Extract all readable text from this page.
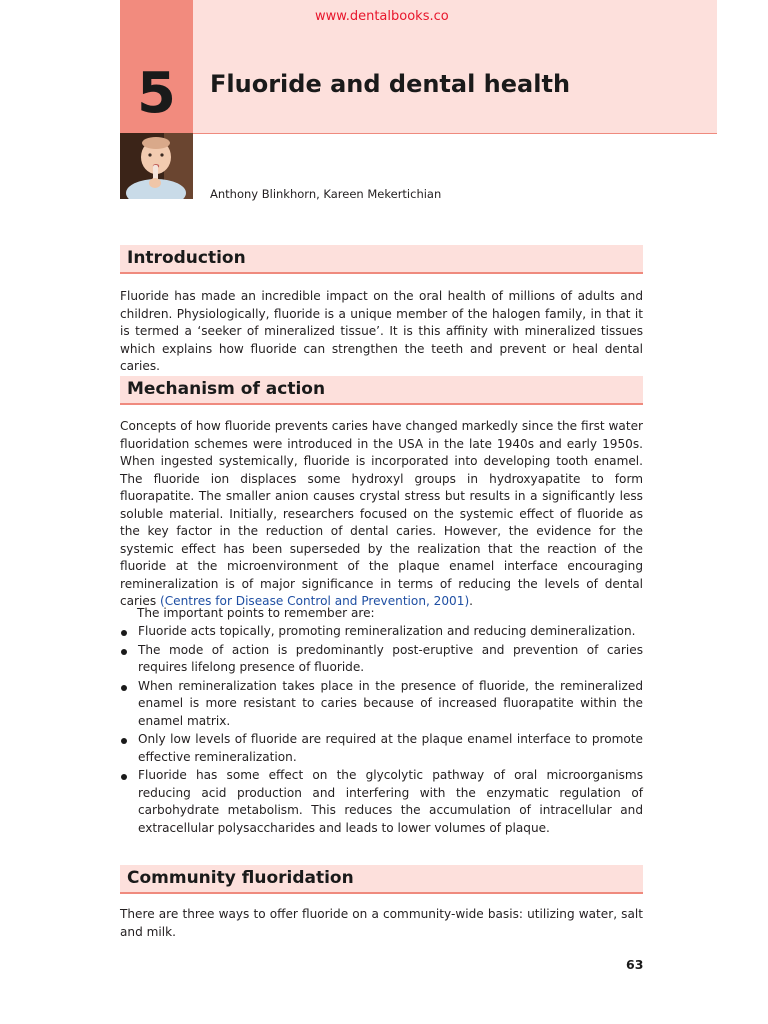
5
www.dentalbooks.co
Fluoride and dental health
Anthony Blinkhorn, Kareen Mekertichian
Introduction
Fluoride has made an incredible impact on the oral health of millions of adults and children. Physiologically, fluoride is a unique member of the halogen family, in that it is termed a ‘seeker of mineralized tissue’. It is this affinity with mineralized tissues which explains how fluoride can strengthen the teeth and prevent or heal dental caries.
Mechanism of action
Concepts of how fluoride prevents caries have changed markedly since the first water fluoridation schemes were introduced in the USA in the late 1940s and early 1950s. When ingested systemically, fluoride is incorporated into developing tooth enamel. The fluoride ion displaces some hydroxyl groups in hydroxyapatite to form fluorapatite. The smaller anion causes crystal stress but results in a significantly less soluble material. Initially, researchers focused on the systemic effect of fluoride as the key factor in the reduction of dental caries. However, the evidence for the systemic effect has been superseded by the realization that the reaction of the fluoride at the microenvironment of the plaque enamel interface encouraging remineralization is of major significance in terms of reducing the levels of dental caries (Centres for Disease Control and Prevention, 2001).
The important points to remember are:
Fluoride acts topically, promoting remineralization and reducing demineralization.
The mode of action is predominantly post-eruptive and prevention of caries requires lifelong presence of fluoride.
When remineralization takes place in the presence of fluoride, the remineralized enamel is more resistant to caries because of increased fluorapatite within the enamel matrix.
Only low levels of fluoride are required at the plaque enamel interface to promote effective remineralization.
Fluoride has some effect on the glycolytic pathway of oral microorganisms reducing acid production and interfering with the enzymatic regulation of carbohydrate metabolism. This reduces the accumulation of intracellular and extracellular polysaccharides and leads to lower volumes of plaque.
Community fluoridation
There are three ways to offer fluoride on a community-wide basis: utilizing water, salt and milk.
63
